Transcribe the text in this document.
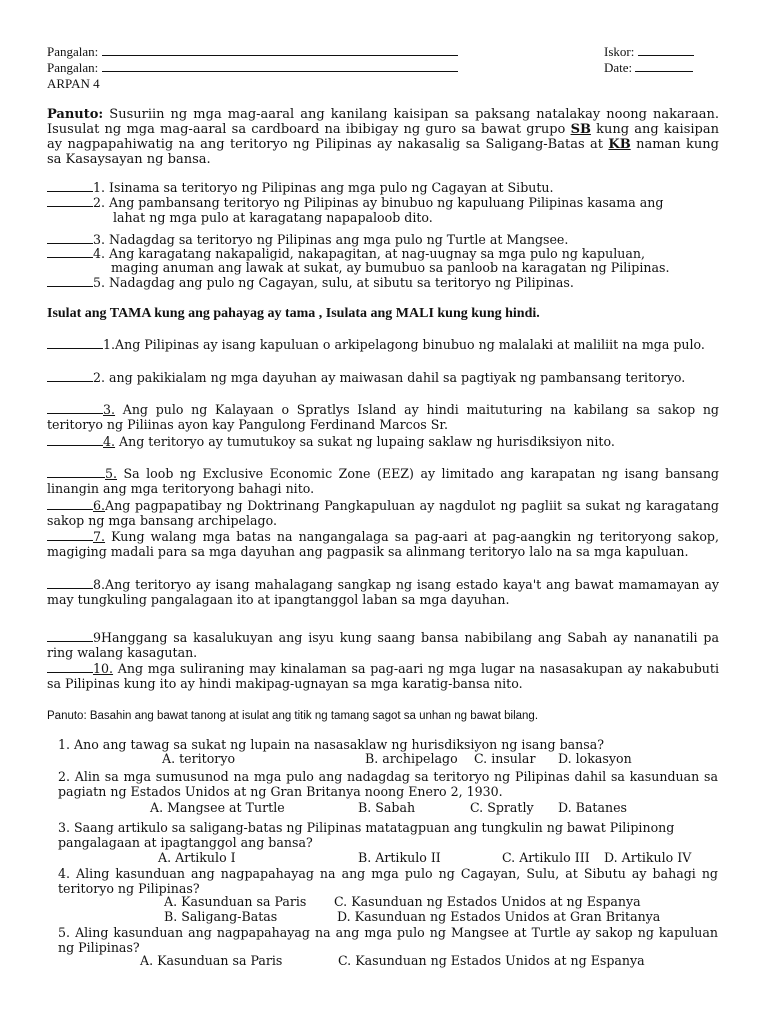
Pangalan:
Pangalan:
ARPAN 4
Iskor:
Date:
Panuto: Susuriin ng mga mag-aaral ang kanilang kaisipan sa paksang natalakay noong nakaraan. Isusulat ng mga mag-aaral sa cardboard na ibibigay ng guro sa bawat grupo SB kung ang kaisipan ay nagpapahiwatig na ang teritoryo ng Pilipinas ay nakasalig sa Saligang-Batas at KB naman kung sa Kasaysayan ng bansa.
1. Isinama sa teritoryo ng Pilipinas ang mga pulo ng Cagayan at Sibutu.
2. Ang pambansang teritoryo ng Pilipinas ay binubuo ng kapuluang Pilipinas kasama ang
lahat ng mga pulo at karagatang napapaloob dito.
3. Nadagdag sa teritoryo ng Pilipinas ang mga pulo ng Turtle at Mangsee.
4. Ang karagatang nakapaligid, nakapagitan, at nag-uugnay sa mga pulo ng kapuluan,
maging anuman ang lawak at sukat, ay bumubuo sa panloob na karagatan ng Pilipinas.
5. Nadagdag ang pulo ng Cagayan, sulu, at sibutu sa teritoryo ng Pilipinas.
Isulat ang TAMA kung ang pahayag ay tama , Isulata ang MALI kung kung hindi.
1.Ang Pilipinas ay isang kapuluan o arkipelagong binubuo ng malalaki at maliliit na mga pulo.
2. ang pakikialam ng mga dayuhan ay maiwasan dahil sa pagtiyak ng pambansang teritoryo.
3. Ang pulo ng Kalayaan o Spratlys Island ay hindi maituturing na kabilang sa sakop ng teritoryo ng Piliinas ayon kay Pangulong Ferdinand Marcos Sr.
4. Ang teritoryo ay tumutukoy sa sukat ng lupaing saklaw ng hurisdiksiyon nito.
5. Sa loob ng Exclusive Economic Zone (EEZ) ay limitado ang karapatan ng isang bansang linangin ang mga teritoryong bahagi nito.
6.Ang pagpapatibay ng Doktrinang Pangkapuluan ay nagdulot ng pagliit sa sukat ng karagatang sakop ng mga bansang archipelago.
7. Kung walang mga batas na nangangalaga sa pag-aari at pag-aangkin ng teritoryong sakop, magiging madali para sa mga dayuhan ang pagpasik sa alinmang teritoryo lalo na sa mga kapuluan.
8.Ang teritoryo ay isang mahalagang sangkap ng isang estado kaya't ang bawat mamamayan ay may tungkuling pangalagaan ito at ipangtanggol laban sa mga dayuhan.
9Hanggang sa kasalukuyan ang isyu kung saang bansa nabibilang ang Sabah ay nananatili pa ring walang kasagutan.
10. Ang mga suliraning may kinalaman sa pag-aari ng mga lugar na nasasakupan ay nakabubuti sa Pilipinas kung ito ay hindi makipag-ugnayan sa mga karatig-bansa nito.
Panuto: Basahin ang bawat tanong at isulat ang titik ng tamang sagot sa unhan ng bawat bilang.
1. Ano ang tawag sa sukat ng lupain na nasasaklaw ng hurisdiksiyon ng isang bansa?
A. teritoryo	B. archipelago C. insular D. lokasyon
2. Alin sa mga sumusunod na mga pulo ang nadagdag sa teritoryo ng Pilipinas dahil sa kasunduan sa pagiatn ng Estados Unidos at ng Gran Britanya noong Enero 2, 1930.
A. Mangsee at Turtle	B. Sabah	C. Spratly D. Batanes
3. Saang artikulo sa saligang-batas ng Pilipinas matatagpuan ang tungkulin ng bawat Pilipinong pangalagaan at ipagtanggol ang bansa?
A. Artikulo I	B. Artikulo II	C. Artikulo III D. Artikulo IV
4. Aling kasunduan ang nagpapahayag na ang mga pulo ng Cagayan, Sulu, at Sibutu ay bahagi ng teritoryo ng Pilipinas?
A. Kasunduan sa Paris C. Kasunduan ng Estados Unidos at ng Espanya
B. Saligang-Batas	D. Kasunduan ng Estados Unidos at Gran Britanya
5. Aling kasunduan ang nagpapahayag na ang mga pulo ng Mangsee at Turtle ay sakop ng kapuluan ng Pilipinas?
A. Kasunduan sa Paris	C. Kasunduan ng Estados Unidos at ng Espanya
